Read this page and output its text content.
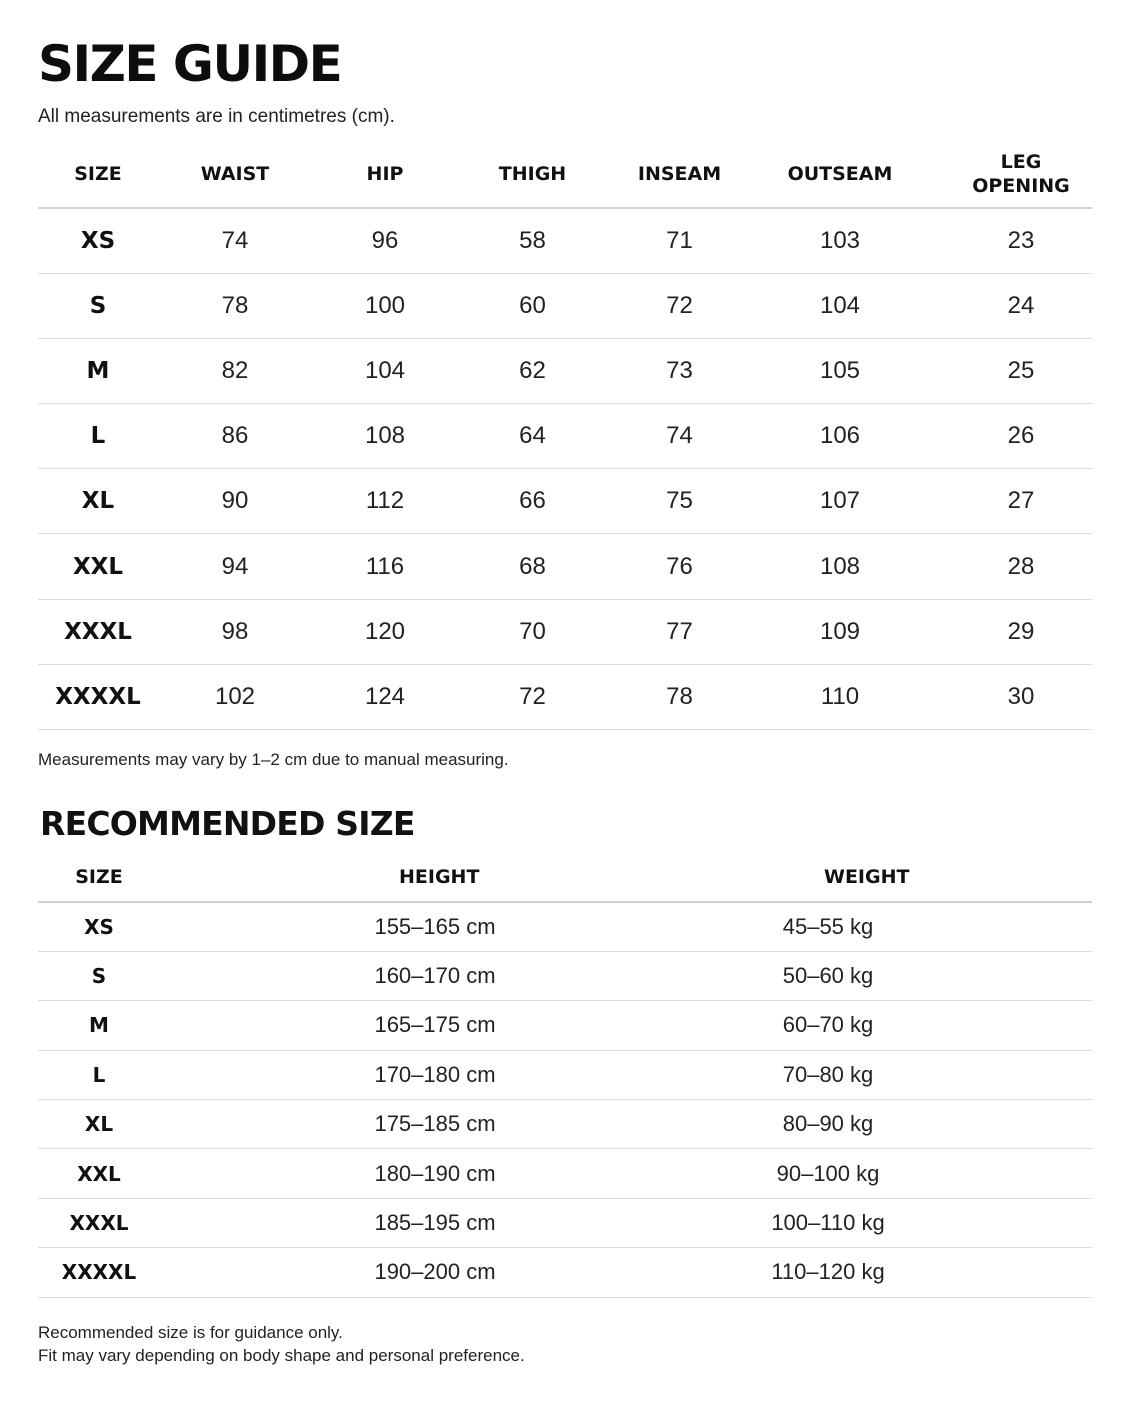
SIZE GUIDE
All measurements are in centimetres (cm).
SIZE	WAIST	HIP	THIGH	INSEAM	OUTSEAM	LEG OPENING
XS	74	96	58	71	103	23
S	78	100	60	72	104	24
M	82	104	62	73	105	25
L	86	108	64	74	106	26
XL	90	112	66	75	107	27
XXL	94	116	68	76	108	28
XXXL	98	120	70	77	109	29
XXXXL	102	124	72	78	110	30
Measurements may vary by 1–2 cm due to manual measuring.
RECOMMENDED SIZE
SIZE	HEIGHT	WEIGHT
XS	155–165 cm	45–55 kg
S	160–170 cm	50–60 kg
M	165–175 cm	60–70 kg
L	170–180 cm	70–80 kg
XL	175–185 cm	80–90 kg
XXL	180–190 cm	90–100 kg
XXXL	185–195 cm	100–110 kg
XXXXL	190–200 cm	110–120 kg
Recommended size is for guidance only.
Fit may vary depending on body shape and personal preference.
